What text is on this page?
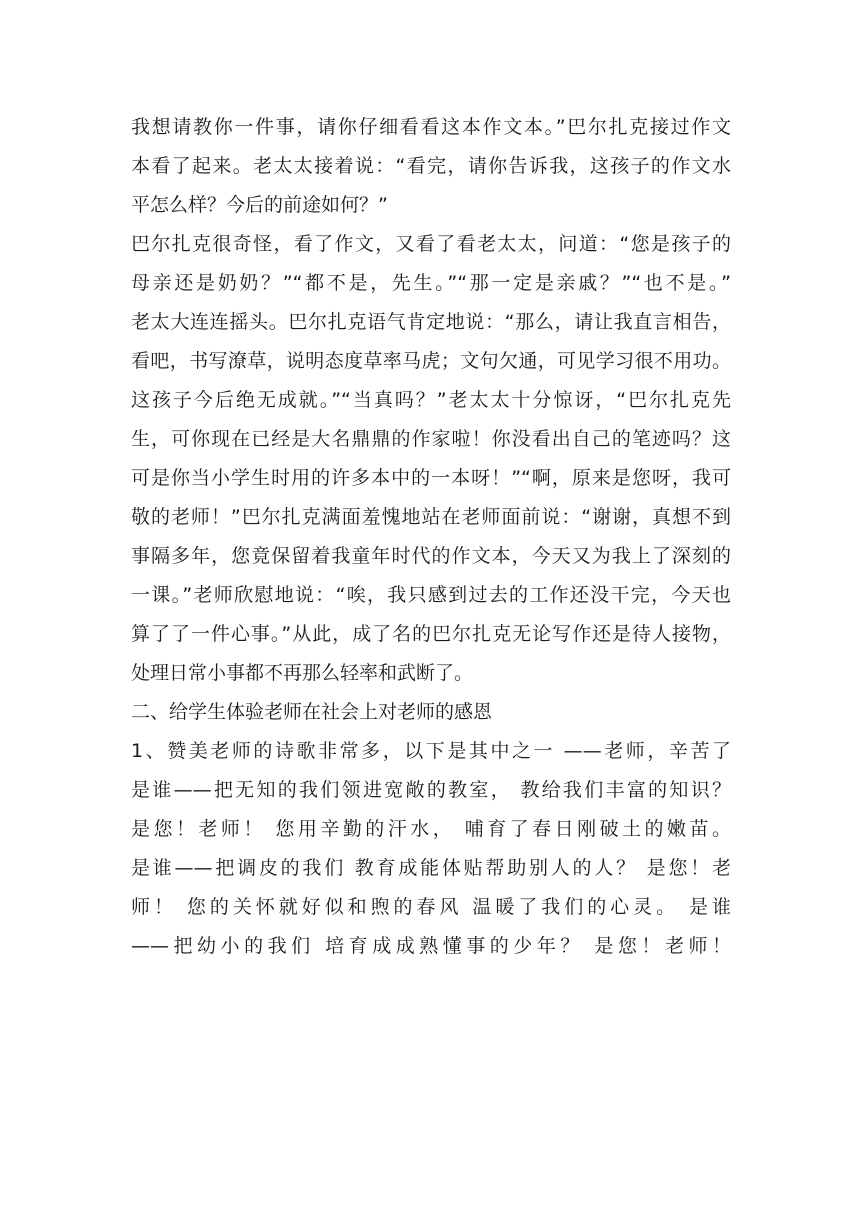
我想请教你一件事，请你仔细看看这本作文本。”巴尔扎克接过作文
本看了起来。老太太接着说：“看完，请你告诉我，这孩子的作文水
平怎么样？今后的前途如何？”
巴尔扎克很奇怪，看了作文，又看了看老太太，问道：“您是孩子的
母亲还是奶奶？”“都不是，先生。”“那一定是亲戚？”“也不是。”
老太大连连摇头。巴尔扎克语气肯定地说：“那么，请让我直言相告，
看吧，书写潦草，说明态度草率马虎；文句欠通，可见学习很不用功。
这孩子今后绝无成就。”“当真吗？”老太太十分惊讶，“巴尔扎克先
生，可你现在已经是大名鼎鼎的作家啦！你没看出自己的笔迹吗？这
可是你当小学生时用的许多本中的一本呀！”“啊，原来是您呀，我可
敬的老师！”巴尔扎克满面羞愧地站在老师面前说：“谢谢，真想不到
事隔多年，您竟保留着我童年时代的作文本，今天又为我上了深刻的
一课。”老师欣慰地说：“唉，我只感到过去的工作还没干完，今天也
算了了一件心事。”从此，成了名的巴尔扎克无论写作还是待人接物，
处理日常小事都不再那么轻率和武断了。
二、给学生体验老师在社会上对老师的感恩
1、赞美老师的诗歌非常多，以下是其中之一 ——老师，辛苦了
是谁——把无知的我们领进宽敞的教室， 教给我们丰富的知识？
是您！老师！ 您用辛勤的汗水， 哺育了春日刚破土的嫩苗。
是谁——把调皮的我们 教育成能体贴帮助别人的人？ 是您！老
师！ 您的关怀就好似和煦的春风 温暖了我们的心灵。 是谁
——把幼小的我们 培育成成熟懂事的少年？ 是您！老师！
